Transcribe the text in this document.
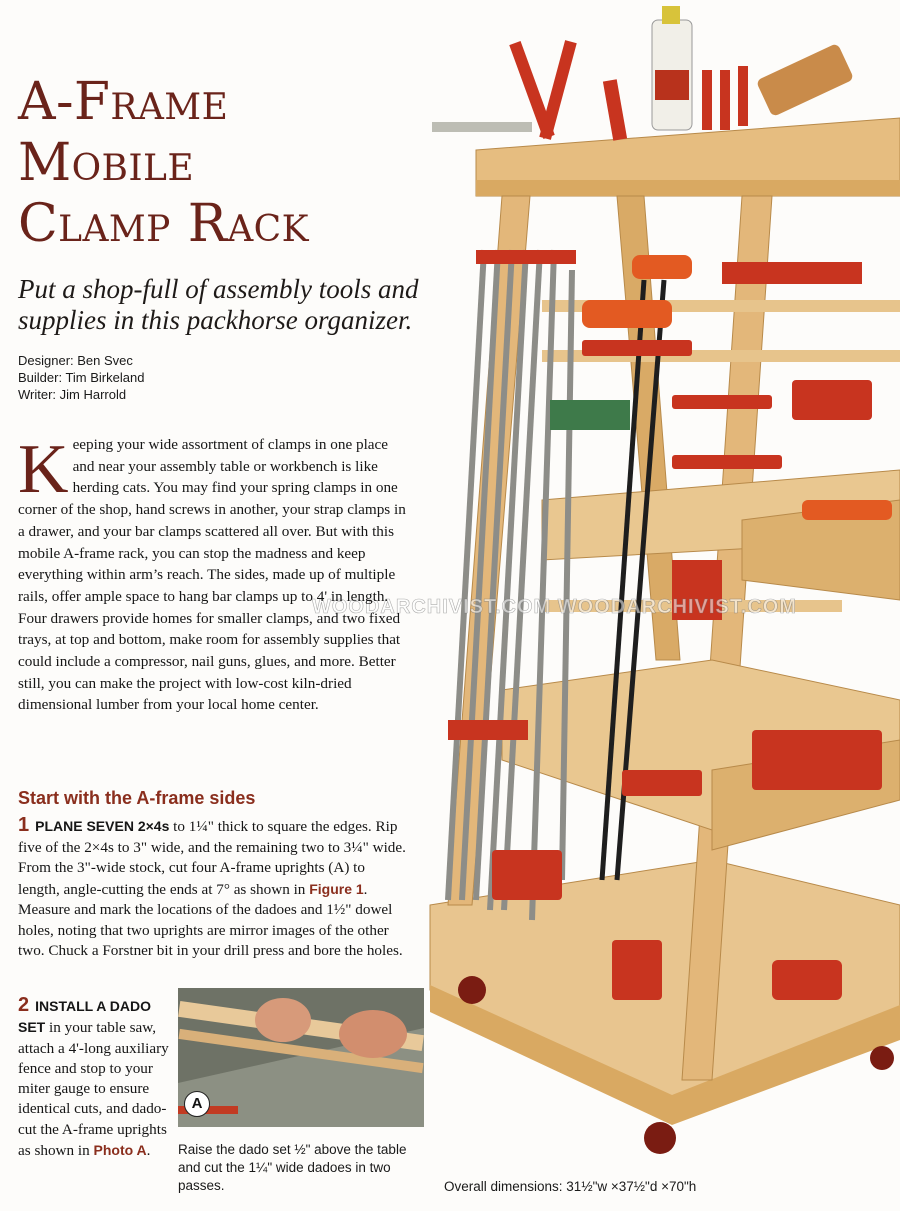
WOODARCHIVIST.COM WOODARCHIVIST.COM
A-Frame
Mobile
Clamp Rack
Put a shop-full of assembly tools and supplies in this packhorse organizer.
Designer: Ben Svec
Builder: Tim Birkeland
Writer: Jim Harrold
Keeping your wide assortment of clamps in one place and near your assembly table or workbench is like herding cats. You may find your spring clamps in one corner of the shop, hand screws in another, your strap clamps in a drawer, and your bar clamps scattered all over. But with this mobile A-frame rack, you can stop the madness and keep everything within arm’s reach. The sides, made up of multiple rails, offer ample space to hang bar clamps up to 4' in length. Four drawers provide homes for smaller clamps, and two fixed trays, at top and bottom, make room for assembly supplies that could include a compressor, nail guns, glues, and more. Better still, you can make the project with low-cost kiln-dried dimensional lumber from your local home center.
Start with the A-frame sides
1 PLANE SEVEN 2×4s to 1¼" thick to square the edges. Rip five of the 2×4s to 3" wide, and the remaining two to 3¼" wide. From the 3"-wide stock, cut four A-frame uprights (A) to length, angle-cutting the ends at 7° as shown in Figure 1. Measure and mark the locations of the dadoes and 1½" dowel holes, noting that two uprights are mirror images of the other two. Chuck a Forstner bit in your drill press and bore the holes.
2 INSTALL A DADO SET in your table saw, attach a 4'-long auxiliary fence and stop to your miter gauge to ensure identical cuts, and dado-cut the A-frame uprights as shown in Photo A.
A
Raise the dado set ½" above the table and cut the 1¼" wide dadoes in two passes.	Overall dimensions: 31½"w ×37½"d ×70"h
